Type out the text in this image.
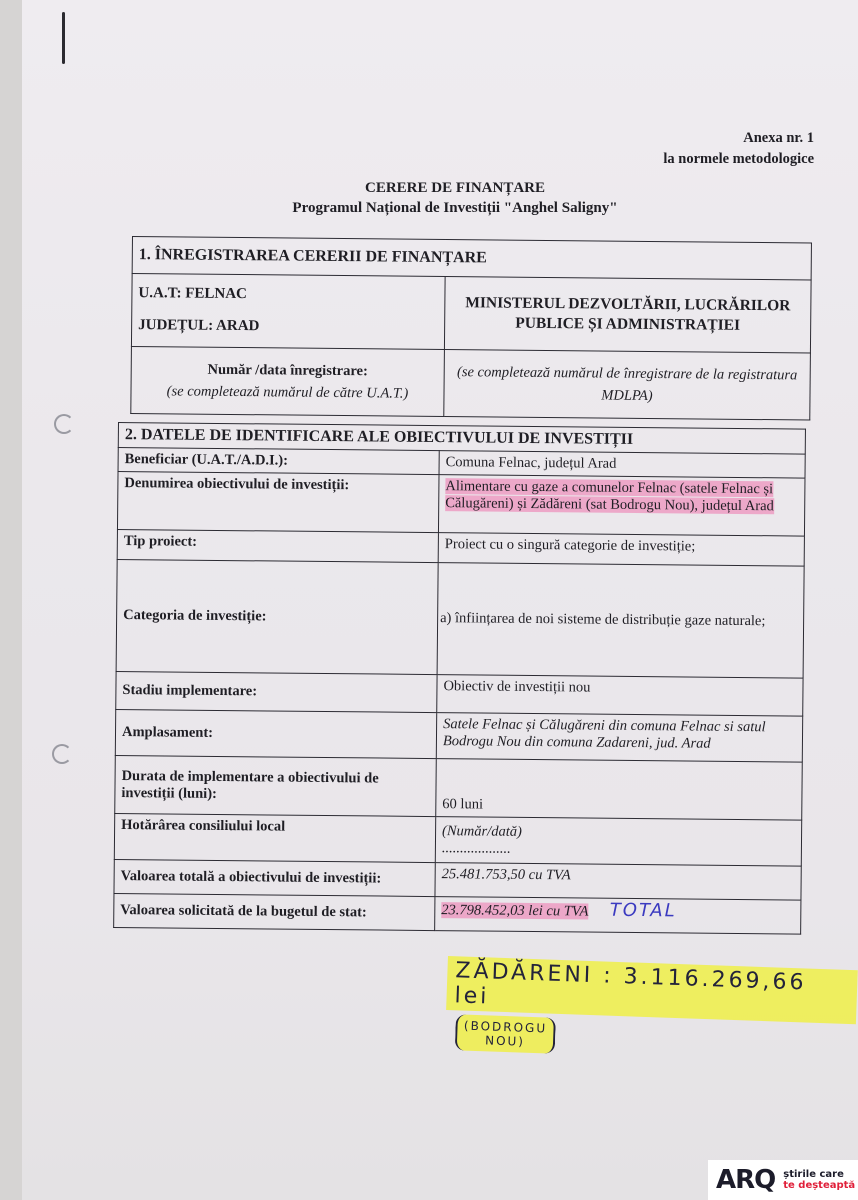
Anexa nr. 1
la normele metodologice
CERERE DE FINANȚARE
Programul Național de Investiții "Anghel Saligny"
1. ÎNREGISTRAREA CERERII DE FINANȚARE	

U.A.T: FELNAC
JUDEȚUL: ARAD	MINISTERUL DEZVOLTĂRII, LUCRĂRILOR PUBLICE ȘI ADMINISTRAȚIEI

Număr /data înregistrare:
(se completează numărul de către U.A.T.)	(se completează numărul de înregistrare de la registratura MDLPA)
2. DATELE DE IDENTIFICARE ALE OBIECTIVULUI DE INVESTIȚII	
Beneficiar (U.A.T./A.D.I.):	Comuna Felnac, județul Arad
Denumirea obiectivului de investiții:	Alimentare cu gaze a comunelor Felnac (satele Felnac și Călugăreni) și Zădăreni (sat Bodrogu Nou), județul Arad
Tip proiect:	Proiect cu o singură categorie de investiție;
Categoria de investiție:	a) înființarea de noi sisteme de distribuție gaze naturale;
Stadiu implementare:	Obiectiv de investiții nou
Amplasament:	Satele Felnac și Călugăreni din comuna Felnac si satul Bodrogu Nou din comuna Zadareni, jud. Arad
Durata de implementare a obiectivului de investiții (luni):	60 luni
Hotărârea consiliului local	(Număr/dată)
...................

Valoarea totală a obiectivului de investiții:	25.481.753,50 cu TVA
Valoarea solicitată de la bugetul de stat:	23.798.452,03 lei cu TVA TOTAL
ZĂDĂRENI : 3.116.269,66 lei
(BODROGU NOU)
ARQ știrile care
te deșteaptă
